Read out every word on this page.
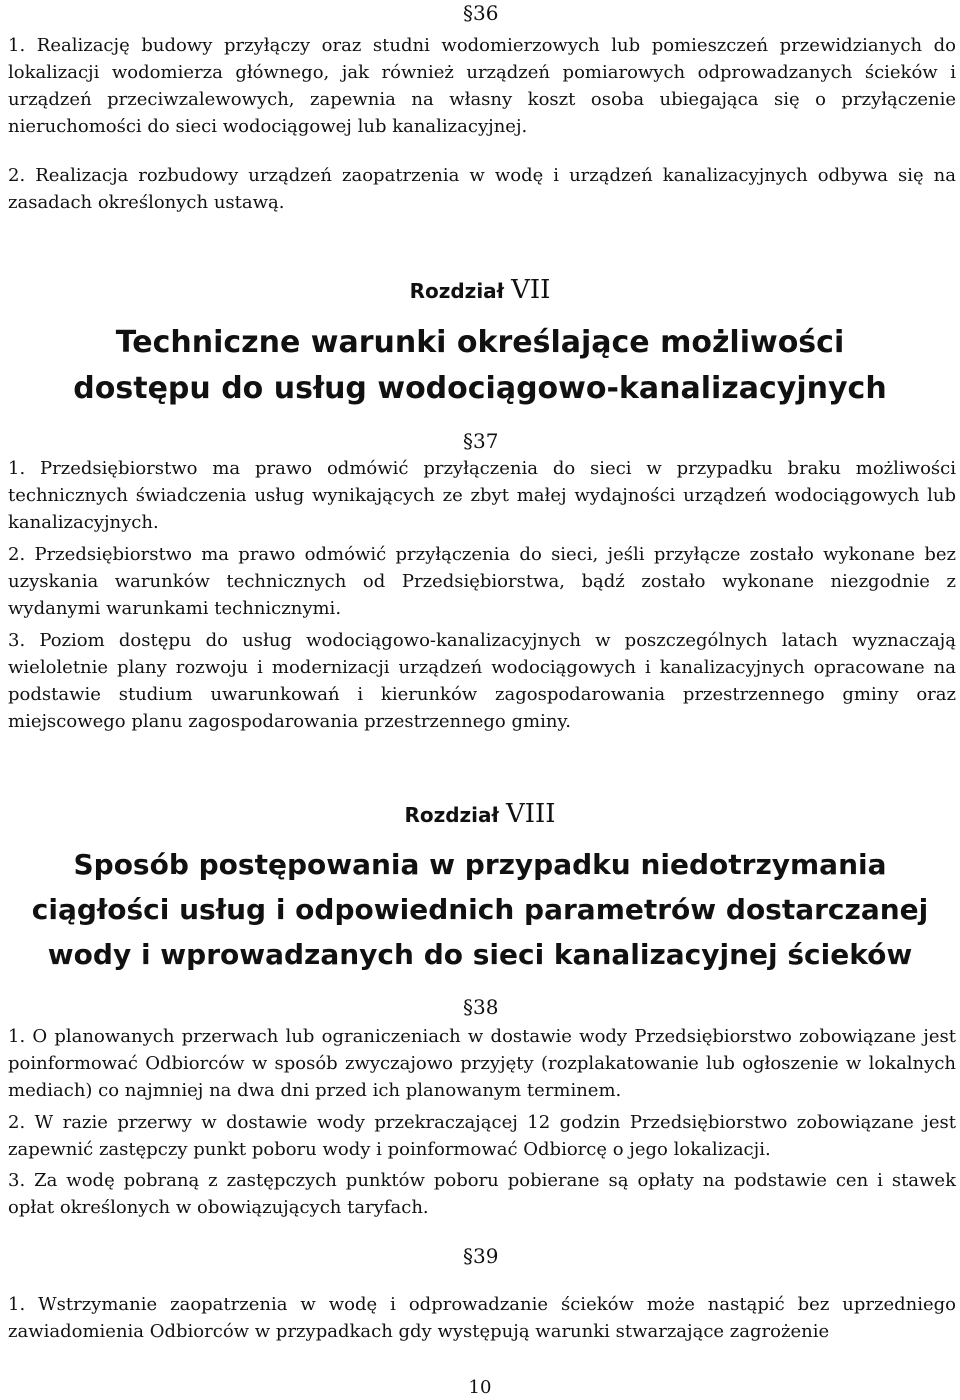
§36
1. Realizację budowy przyłączy oraz studni wodomierzowych lub pomieszczeń przewidzianych do lokalizacji wodomierza głównego, jak również urządzeń pomiarowych odprowadzanych ścieków i urządzeń przeciwzalewowych, zapewnia na własny koszt osoba ubiegająca się o przyłączenie nieruchomości do sieci wodociągowej lub kanalizacyjnej.
2. Realizacja rozbudowy urządzeń zaopatrzenia w wodę i urządzeń kanalizacyjnych odbywa się na zasadach określonych ustawą.
Rozdział VII
Techniczne warunki określające możliwości
dostępu do usług wodociągowo-kanalizacyjnych
§37
1. Przedsiębiorstwo ma prawo odmówić przyłączenia do sieci w przypadku braku możliwości technicznych świadczenia usług wynikających ze zbyt małej wydajności urządzeń wodociągowych lub kanalizacyjnych.
2. Przedsiębiorstwo ma prawo odmówić przyłączenia do sieci, jeśli przyłącze zostało wykonane bez uzyskania warunków technicznych od Przedsiębiorstwa, bądź zostało wykonane niezgodnie z wydanymi warunkami technicznymi.
3. Poziom dostępu do usług wodociągowo-kanalizacyjnych w poszczególnych latach wyznaczają wieloletnie plany rozwoju i modernizacji urządzeń wodociągowych i kanalizacyjnych opracowane na podstawie studium uwarunkowań i kierunków zagospodarowania przestrzennego gminy oraz miejscowego planu zagospodarowania przestrzennego gminy.
Rozdział VIII
Sposób postępowania w przypadku niedotrzymania
ciągłości usług i odpowiednich parametrów dostarczanej
wody i wprowadzanych do sieci kanalizacyjnej ścieków
§38
1. O planowanych przerwach lub ograniczeniach w dostawie wody Przedsiębiorstwo zobowiązane jest poinformować Odbiorców w sposób zwyczajowo przyjęty (rozplakatowanie lub ogłoszenie w lokalnych mediach) co najmniej na dwa dni przed ich planowanym terminem.
2. W razie przerwy w dostawie wody przekraczającej 12 godzin Przedsiębiorstwo zobowiązane jest zapewnić zastępczy punkt poboru wody i poinformować Odbiorcę o jego lokalizacji.
3. Za wodę pobraną z zastępczych punktów poboru pobierane są opłaty na podstawie cen i stawek opłat określonych w obowiązujących taryfach.
§39
1. Wstrzymanie zaopatrzenia w wodę i odprowadzanie ścieków może nastąpić bez uprzedniego zawiadomienia Odbiorców w przypadkach gdy występują warunki stwarzające zagrożenie
10
